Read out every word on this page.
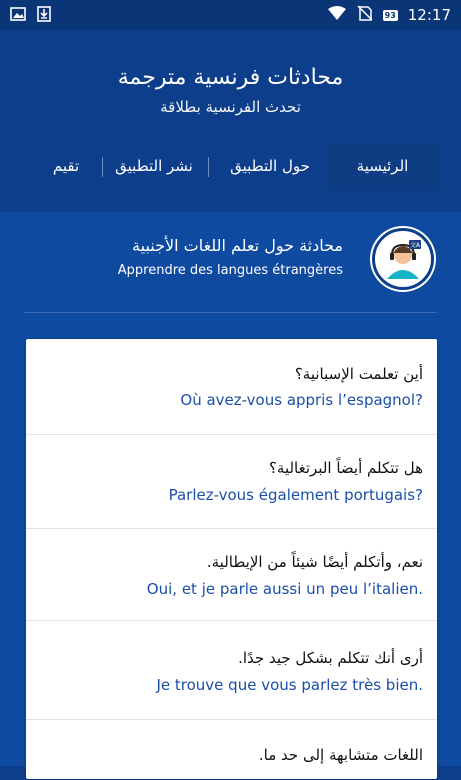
93 12:17
محادثات فرنسية مترجمة
تحدث الفرنسية بطلاقة
الرئيسية
حول التطبيق
نشر التطبيق
تقيم
文A
محادثة حول تعلم اللغات الأجنبية
Apprendre des langues étrangères
أين تعلمت الإسبانية؟
Où avez-vous appris l’espagnol?
هل تتكلم أيضاً البرتغالية؟
Parlez-vous également portugais?
نعم، وأتكلم أيضًا شيئاً من الإيطالية.
Oui, et je parle aussi un peu l’italien.
أرى أنك تتكلم بشكل جيد جدًا.
Je trouve que vous parlez très bien.
اللغات متشابهة إلى حد ما.
